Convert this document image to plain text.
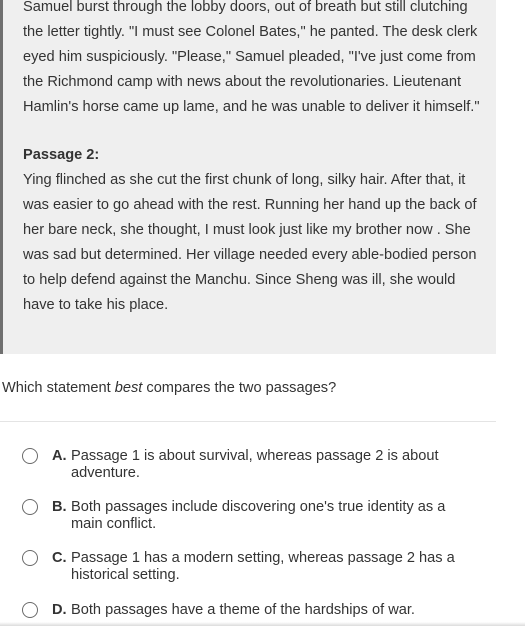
Samuel burst through the lobby doors, out of breath but still clutching the letter tightly. "I must see Colonel Bates," he panted. The desk clerk eyed him suspiciously. "Please," Samuel pleaded, "I've just come from the Richmond camp with news about the revolutionaries. Lieutenant Hamlin's horse came up lame, and he was unable to deliver it himself."

Passage 2:

Ying flinched as she cut the first chunk of long, silky hair. After that, it was easier to go ahead with the rest. Running her hand up the back of her bare neck, she thought, I must look just like my brother now . She was sad but determined. Her village needed every able-bodied person to help defend against the Manchu. Since Sheng was ill, she would have to take his place.

Which statement best compares the two passages?

A. Passage 1 is about survival, whereas passage 2 is about adventure.
B. Both passages include discovering one's true identity as a main conflict.
C. Passage 1 has a modern setting, whereas passage 2 has a historical setting.
D. Both passages have a theme of the hardships of war.
